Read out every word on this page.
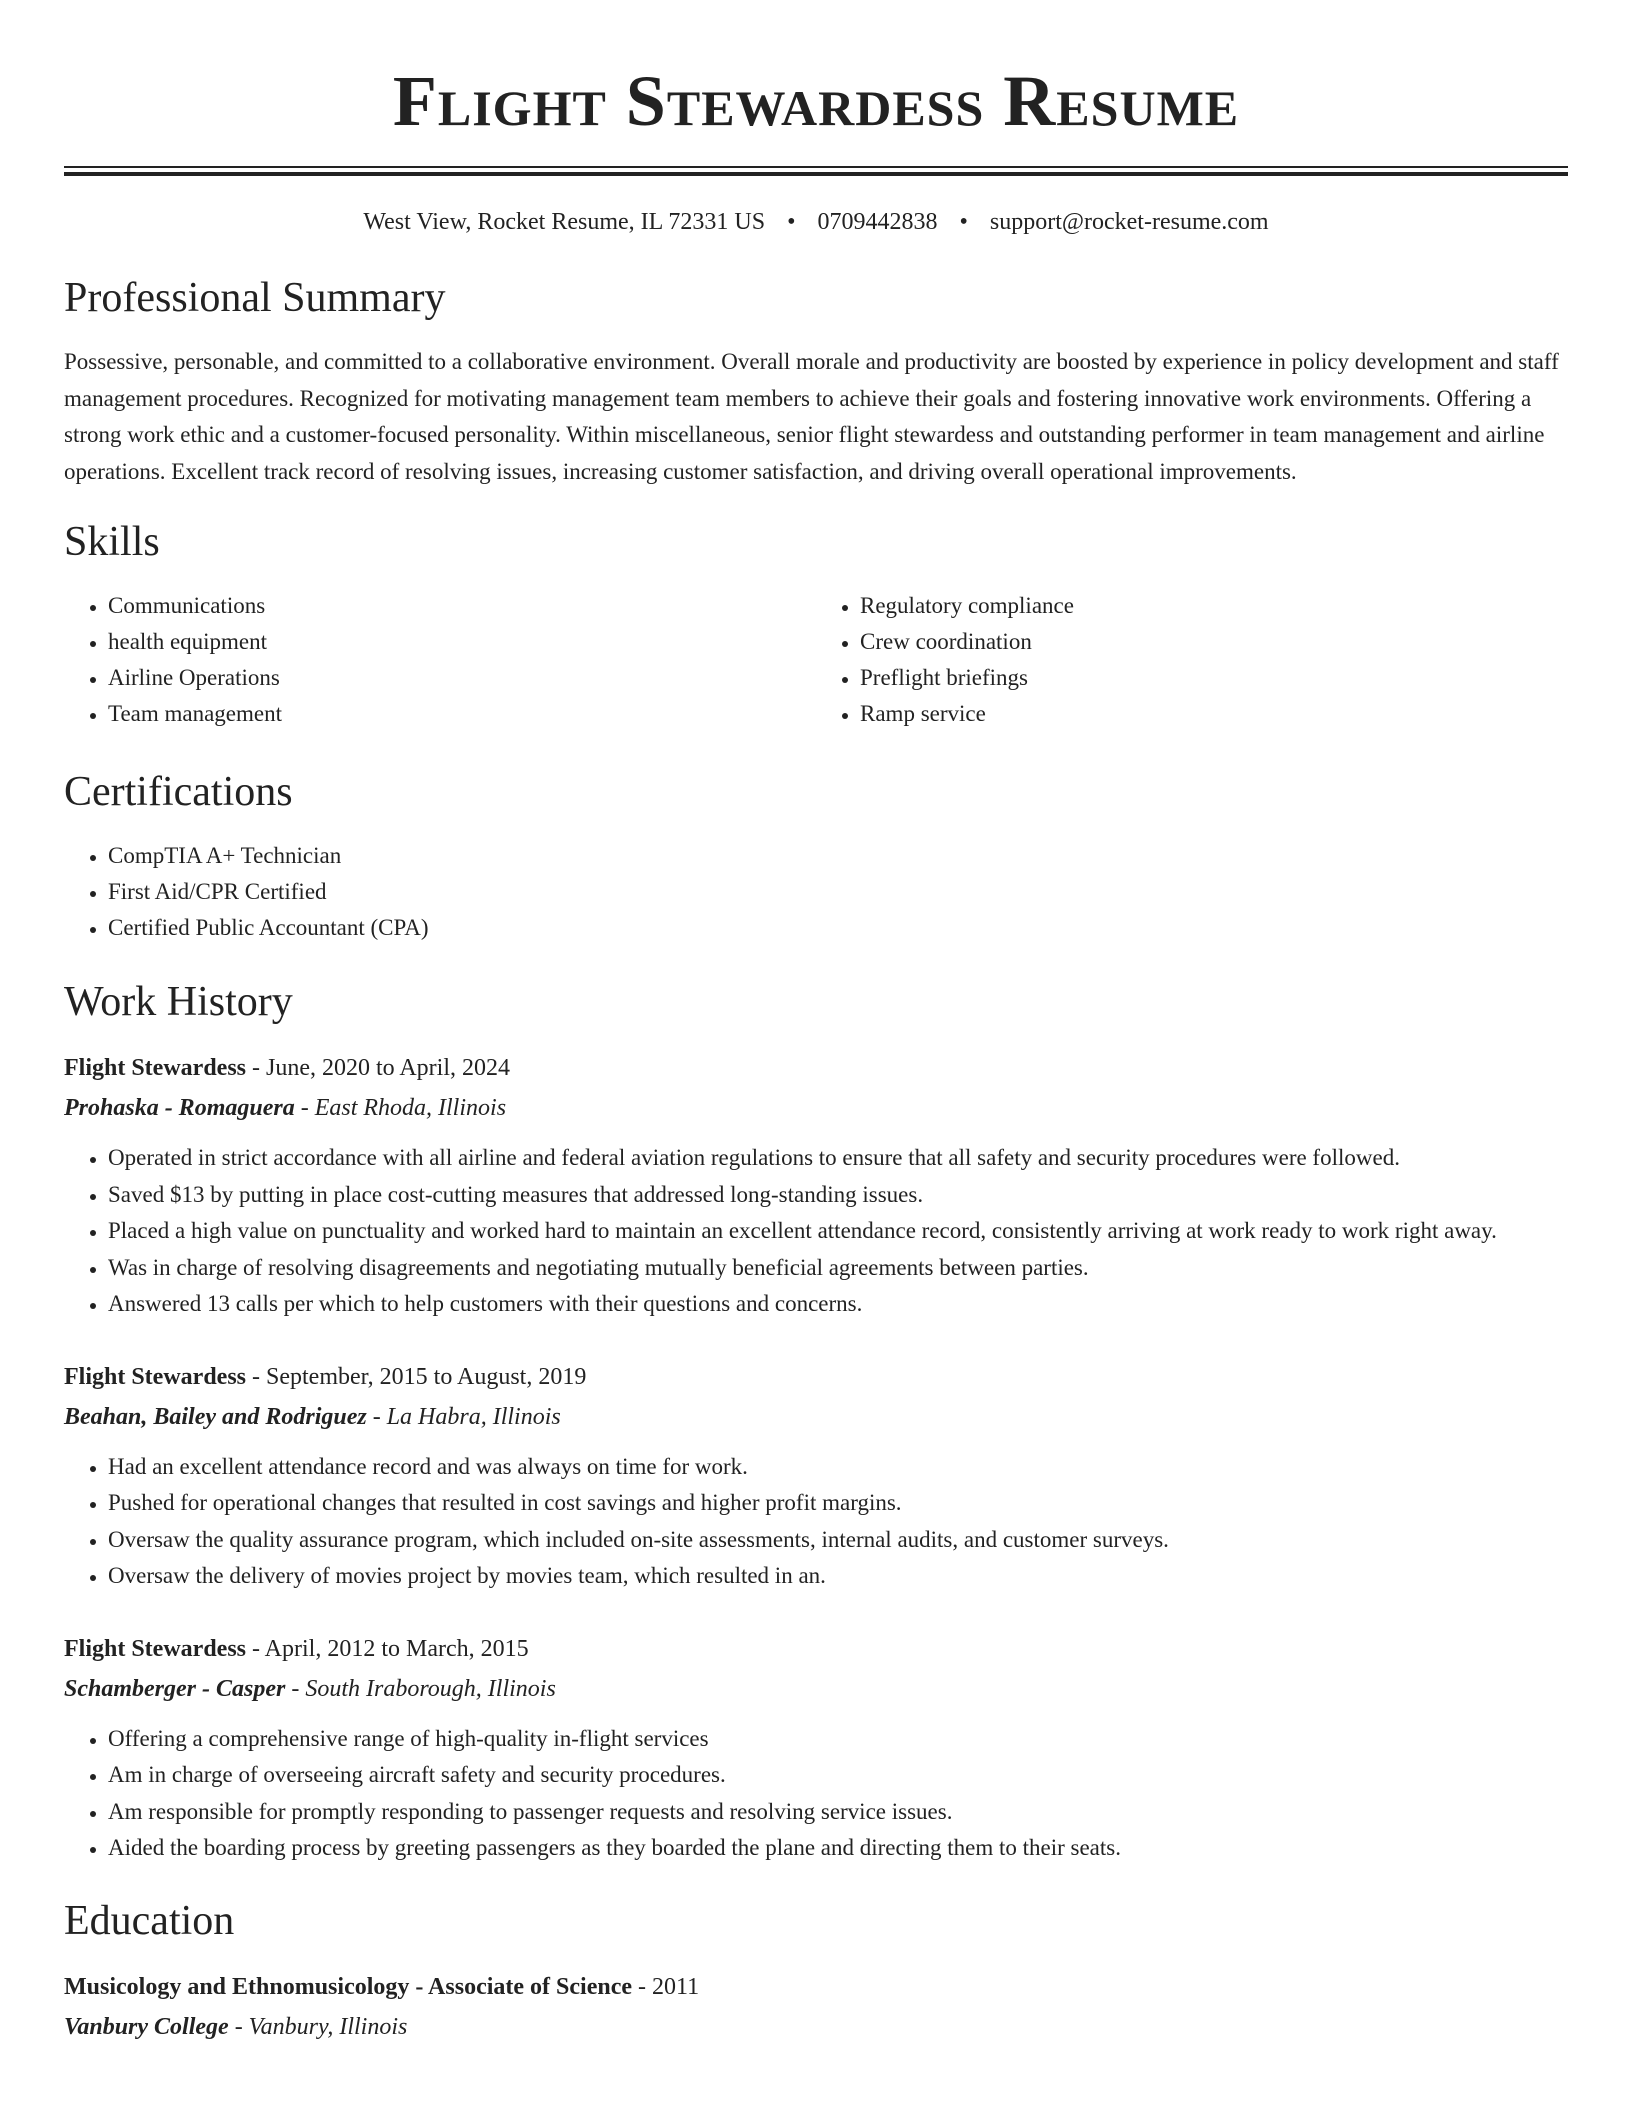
Flight Stewardess Resume
West View, Rocket Resume, IL 72331 US • 0709442838 • support@rocket-resume.com
Professional Summary

Possessive, personable, and committed to a collaborative environment. Overall morale and productivity are boosted by experience in policy development and staff management procedures. Recognized for motivating management team members to achieve their goals and fostering innovative work environments. Offering a strong work ethic and a customer-focused personality. Within miscellaneous, senior flight stewardess and outstanding performer in team management and airline operations. Excellent track record of resolving issues, increasing customer satisfaction, and driving overall operational improvements.

Skills
• Communications
• health equipment
• Airline Operations
• Team management
• Regulatory compliance
• Crew coordination
• Preflight briefings
• Ramp service
Certifications
• CompTIA A+ Technician
• First Aid/CPR Certified
• Certified Public Accountant (CPA)
Work History
Flight Stewardess - June, 2020 to April, 2024
Prohaska - Romaguera - East Rhoda, Illinois
• Operated in strict accordance with all airline and federal aviation regulations to ensure that all safety and security procedures were followed.
• Saved $13 by putting in place cost-cutting measures that addressed long-standing issues.
• Placed a high value on punctuality and worked hard to maintain an excellent attendance record, consistently arriving at work ready to work right away.
• Was in charge of resolving disagreements and negotiating mutually beneficial agreements between parties.
• Answered 13 calls per which to help customers with their questions and concerns.
Flight Stewardess - September, 2015 to August, 2019
Beahan, Bailey and Rodriguez - La Habra, Illinois
• Had an excellent attendance record and was always on time for work.
• Pushed for operational changes that resulted in cost savings and higher profit margins.
• Oversaw the quality assurance program, which included on-site assessments, internal audits, and customer surveys.
• Oversaw the delivery of movies project by movies team, which resulted in an.
Flight Stewardess - April, 2012 to March, 2015
Schamberger - Casper - South Iraborough, Illinois
• Offering a comprehensive range of high-quality in-flight services
• Am in charge of overseeing aircraft safety and security procedures.
• Am responsible for promptly responding to passenger requests and resolving service issues.
• Aided the boarding process by greeting passengers as they boarded the plane and directing them to their seats.
Education
Musicology and Ethnomusicology - Associate of Science - 2011
Vanbury College - Vanbury, Illinois
